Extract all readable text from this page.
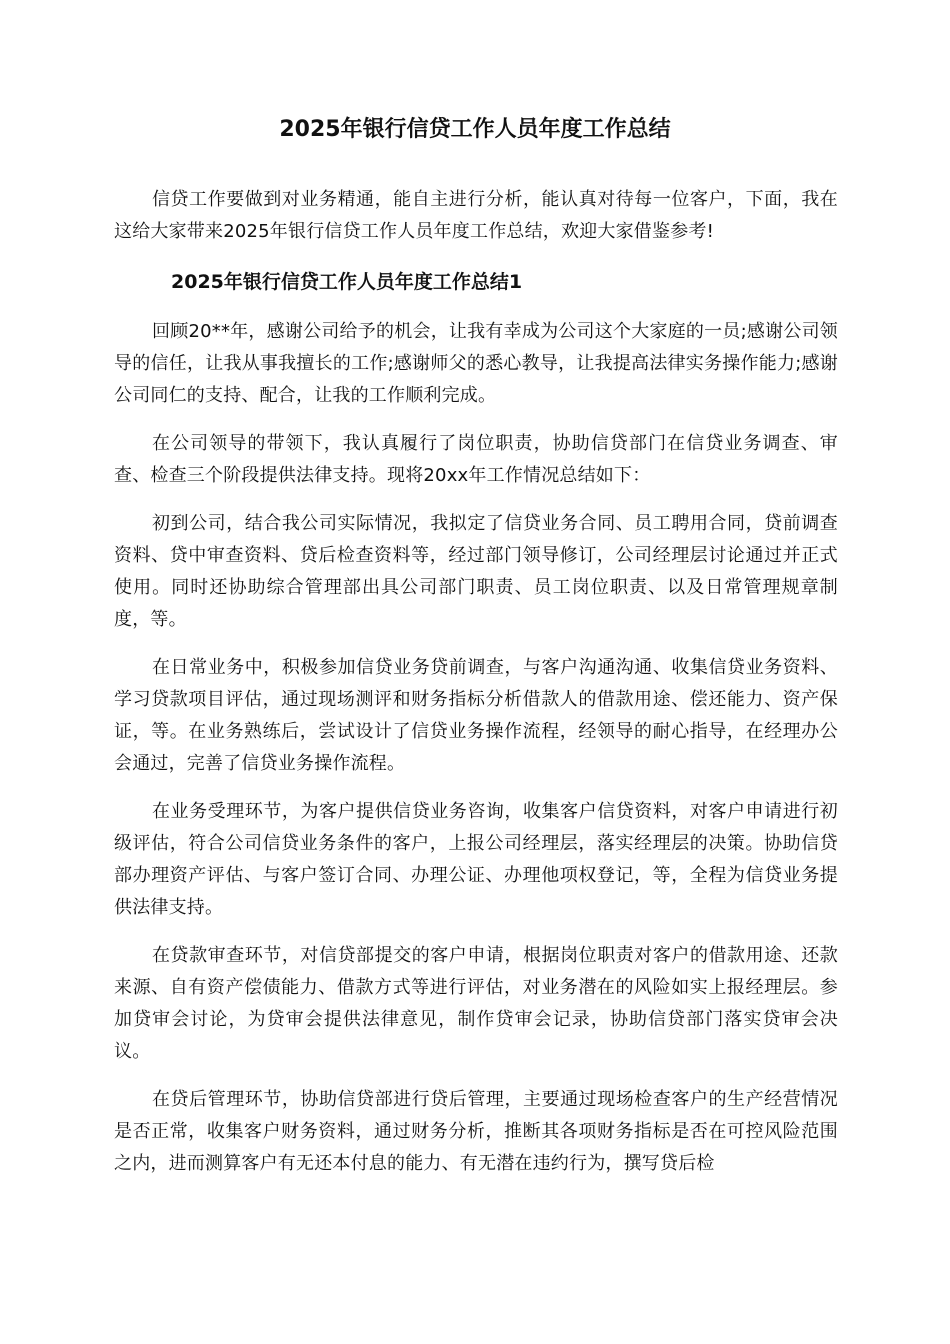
2025年银行信贷工作人员年度工作总结

信贷工作要做到对业务精通，能自主进行分析，能认真对待每一位客户，下面，我在这给大家带来2025年银行信贷工作人员年度工作总结，欢迎大家借鉴参考!

2025年银行信贷工作人员年度工作总结1

回顾20**年，感谢公司给予的机会，让我有幸成为公司这个大家庭的一员;感谢公司领导的信任，让我从事我擅长的工作;感谢师父的悉心教导，让我提高法律实务操作能力;感谢公司同仁的支持、配合，让我的工作顺利完成。

在公司领导的带领下，我认真履行了岗位职责，协助信贷部门在信贷业务调查、审查、检查三个阶段提供法律支持。现将20xx年工作情况总结如下：

初到公司，结合我公司实际情况，我拟定了信贷业务合同、员工聘用合同，贷前调查资料、贷中审查资料、贷后检查资料等，经过部门领导修订，公司经理层讨论通过并正式使用。同时还协助综合管理部出具公司部门职责、员工岗位职责、以及日常管理规章制度，等。

在日常业务中，积极参加信贷业务贷前调查，与客户沟通沟通、收集信贷业务资料、学习贷款项目评估，通过现场测评和财务指标分析借款人的借款用途、偿还能力、资产保证，等。在业务熟练后，尝试设计了信贷业务操作流程，经领导的耐心指导，在经理办公会通过，完善了信贷业务操作流程。

在业务受理环节，为客户提供信贷业务咨询，收集客户信贷资料，对客户申请进行初级评估，符合公司信贷业务条件的客户，上报公司经理层，落实经理层的决策。协助信贷部办理资产评估、与客户签订合同、办理公证、办理他项权登记，等，全程为信贷业务提供法律支持。

在贷款审查环节，对信贷部提交的客户申请，根据岗位职责对客户的借款用途、还款来源、自有资产偿债能力、借款方式等进行评估，对业务潜在的风险如实上报经理层。参加贷审会讨论，为贷审会提供法律意见，制作贷审会记录，协助信贷部门落实贷审会决议。

在贷后管理环节，协助信贷部进行贷后管理，主要通过现场检查客户的生产经营情况是否正常，收集客户财务资料，通过财务分析，推断其各项财务指标是否在可控风险范围之内，进而测算客户有无还本付息的能力、有无潜在违约行为，撰写贷后检
